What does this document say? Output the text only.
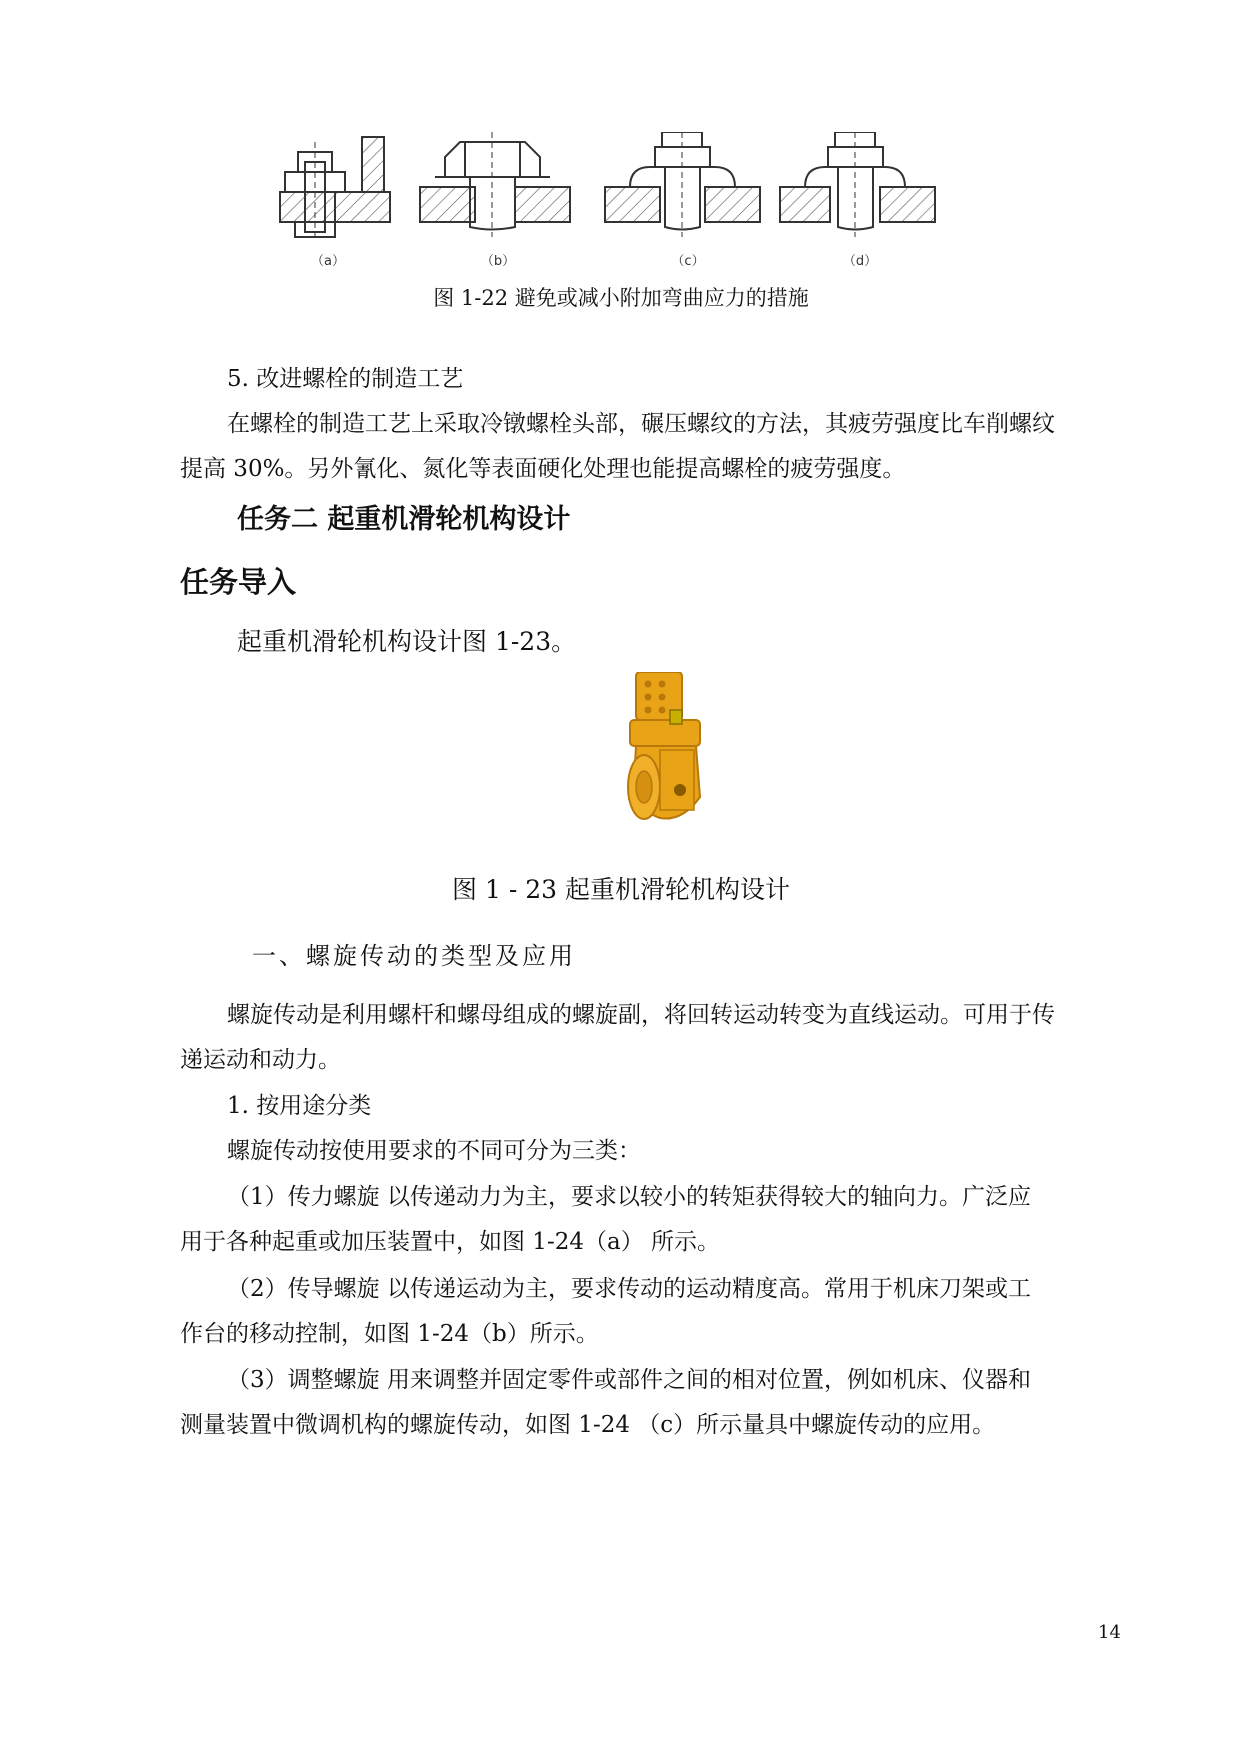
（a）	（b）	（c）	（d）
图 1-22 避免或减小附加弯曲应力的措施
5. 改进螺栓的制造工艺
在螺栓的制造工艺上采取冷镦螺栓头部，碾压螺纹的方法，其疲劳强度比车削螺纹
提高 30%。另外氰化、氮化等表面硬化处理也能提高螺栓的疲劳强度。
任务二 起重机滑轮机构设计
任务导入
起重机滑轮机构设计图 1-23。
图 1 - 23 起重机滑轮机构设计
一、螺旋传动的类型及应用
螺旋传动是利用螺杆和螺母组成的螺旋副，将回转运动转变为直线运动。可用于传
递运动和动力。
1. 按用途分类
螺旋传动按使用要求的不同可分为三类：
（1）传力螺旋 以传递动力为主，要求以较小的转矩获得较大的轴向力。广泛应
用于各种起重或加压装置中，如图 1-24（a） 所示。
（2）传导螺旋 以传递运动为主，要求传动的运动精度高。常用于机床刀架或工
作台的移动控制，如图 1-24（b）所示。
（3）调整螺旋 用来调整并固定零件或部件之间的相对位置，例如机床、仪器和
测量装置中微调机构的螺旋传动，如图 1-24 （c）所示量具中螺旋传动的应用。
14
